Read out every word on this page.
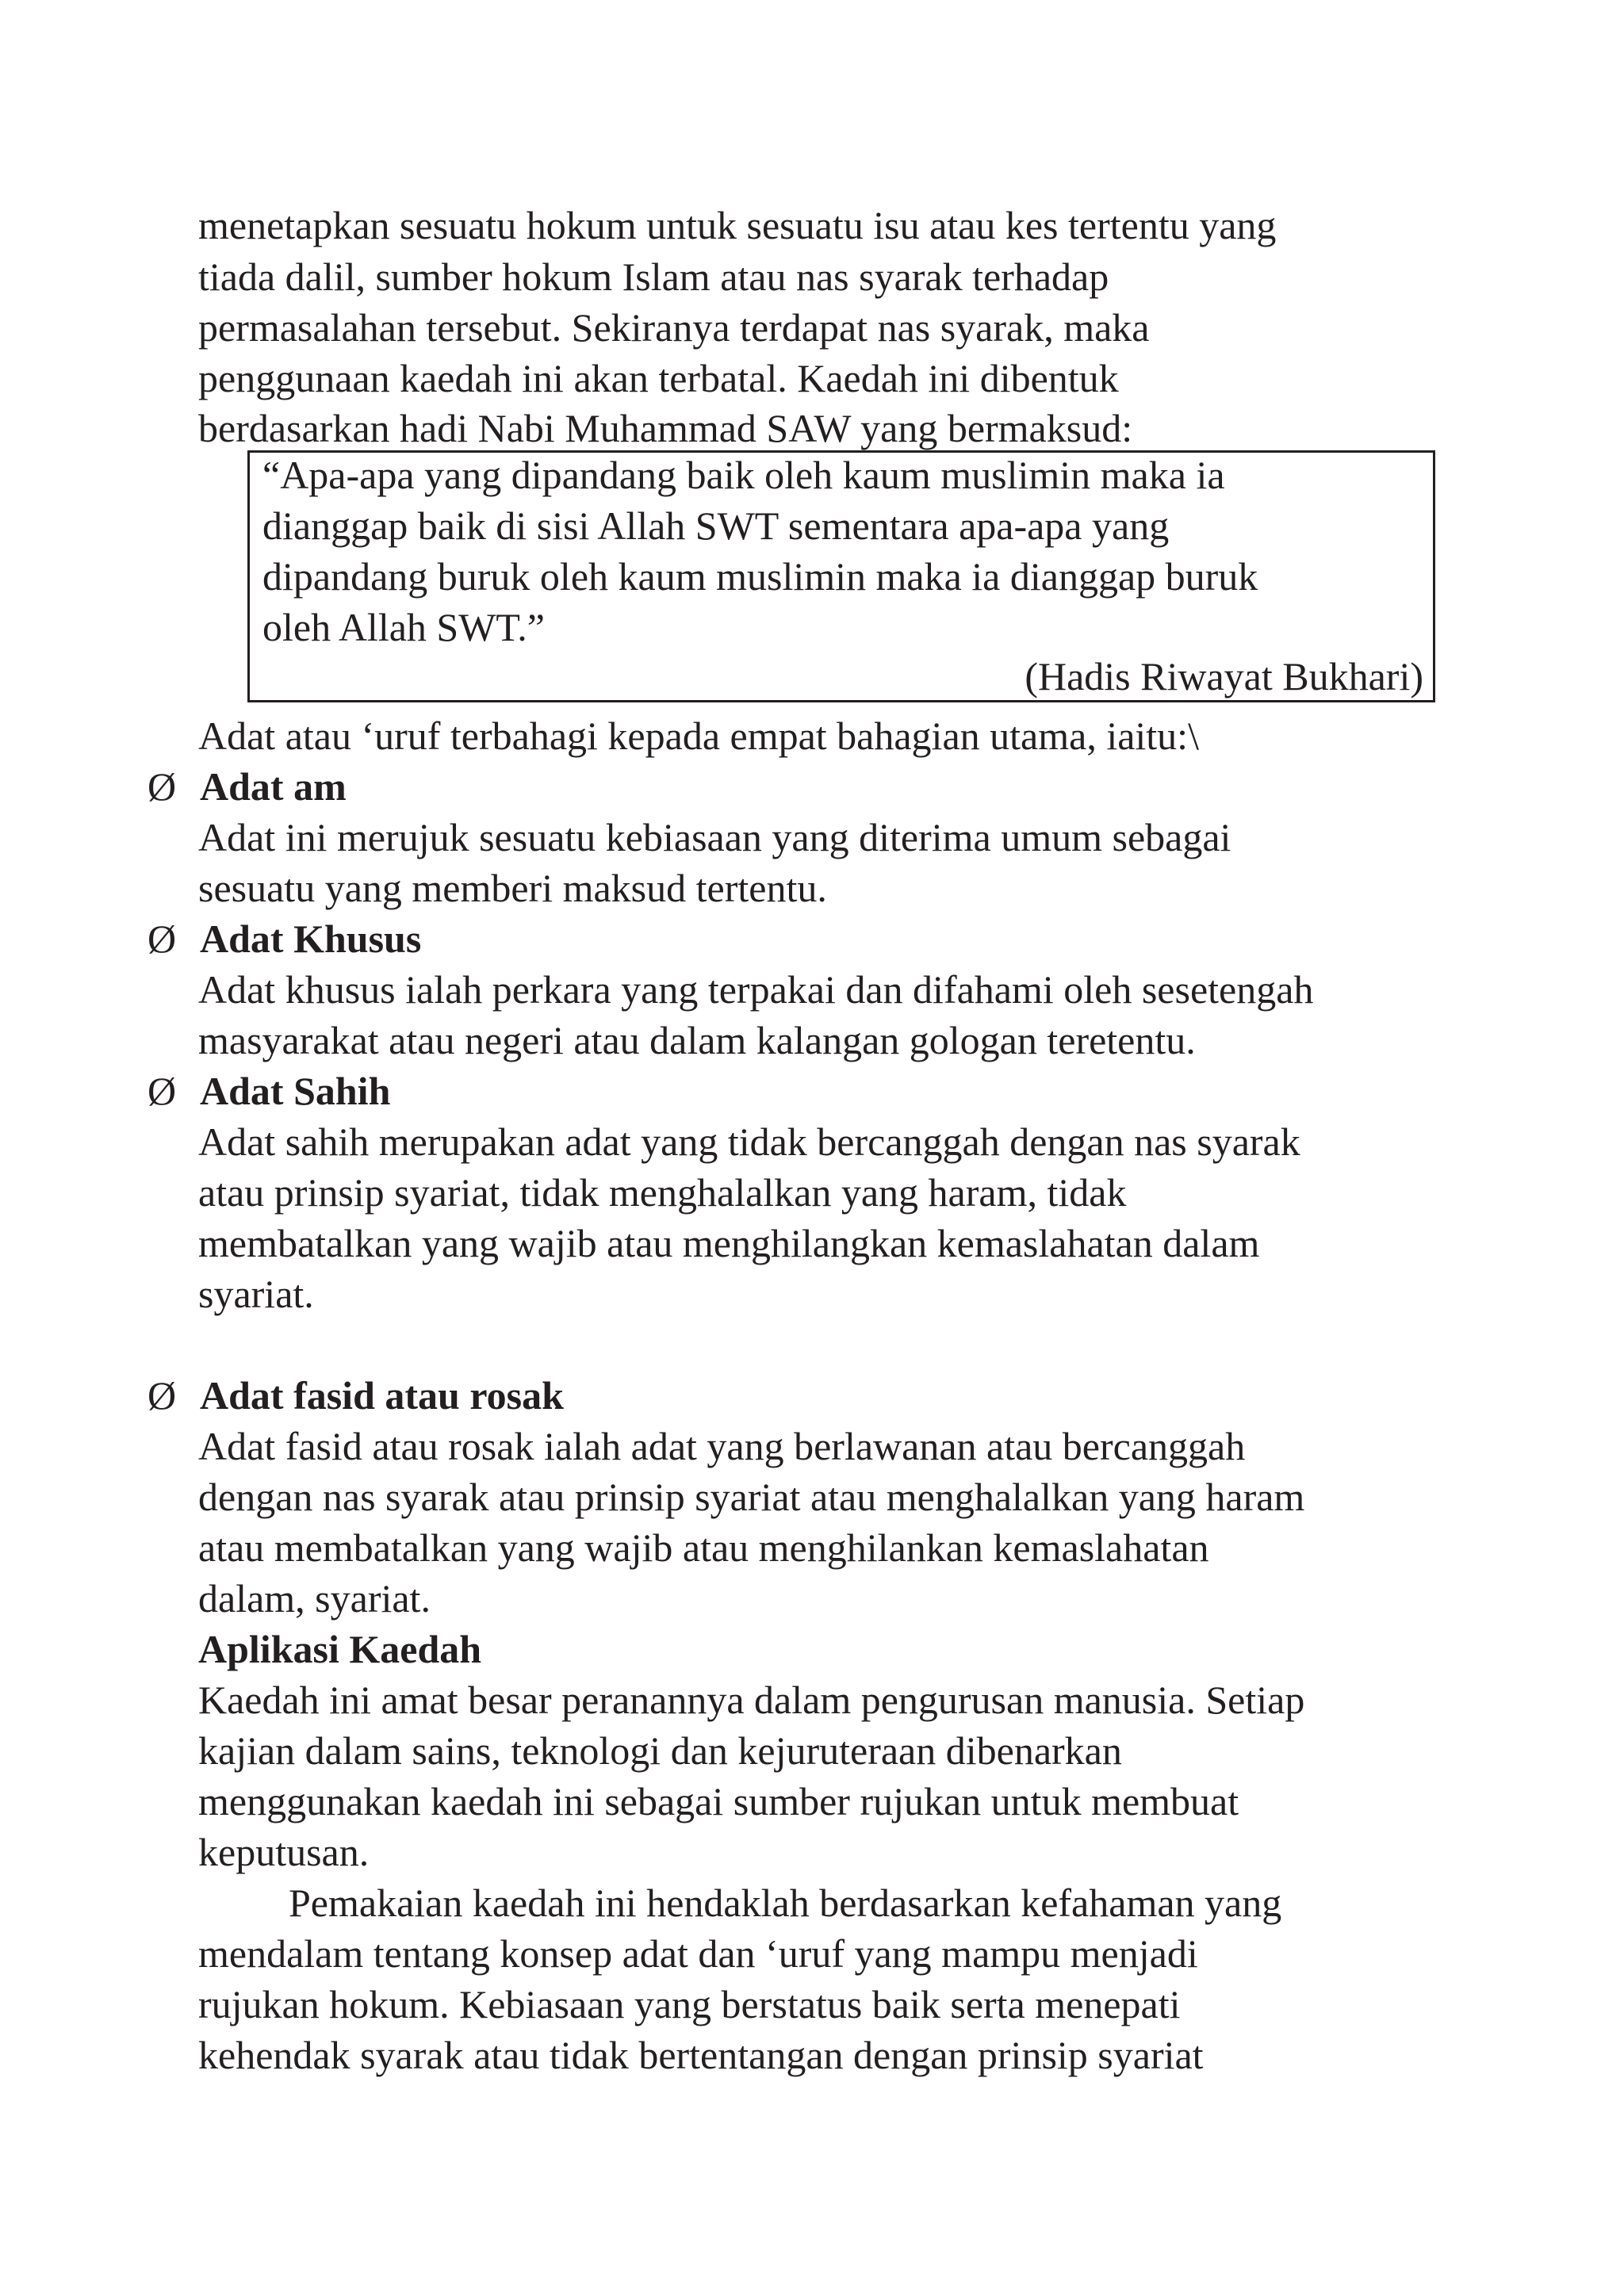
menetapkan sesuatu hokum untuk sesuatu isu atau kes tertentu yang

tiada dalil, sumber hokum Islam atau nas syarak terhadap

permasalahan tersebut. Sekiranya terdapat nas syarak, maka

penggunaan kaedah ini akan terbatal. Kaedah ini dibentuk

berdasarkan hadi Nabi Muhammad SAW yang bermaksud:

“Apa-apa yang dipandang baik oleh kaum muslimin maka ia

dianggap baik di sisi Allah SWT sementara apa-apa yang

dipandang buruk oleh kaum muslimin maka ia dianggap buruk

oleh Allah SWT.”

(Hadis Riwayat Bukhari)

Adat atau ‘uruf terbahagi kepada empat bahagian utama, iaitu:\

Ø Adat am

Adat ini merujuk sesuatu kebiasaan yang diterima umum sebagai

sesuatu yang memberi maksud tertentu.

Ø Adat Khusus

Adat khusus ialah perkara yang terpakai dan difahami oleh sesetengah

masyarakat atau negeri atau dalam kalangan gologan teretentu.

Ø Adat Sahih

Adat sahih merupakan adat yang tidak bercanggah dengan nas syarak

atau prinsip syariat, tidak menghalalkan yang haram, tidak

membatalkan yang wajib atau menghilangkan kemaslahatan dalam

syariat.

Ø Adat fasid atau rosak

Adat fasid atau rosak ialah adat yang berlawanan atau bercanggah

dengan nas syarak atau prinsip syariat atau menghalalkan yang haram

atau membatalkan yang wajib atau menghilankan kemaslahatan

dalam, syariat.

Aplikasi Kaedah

Kaedah ini amat besar peranannya dalam pengurusan manusia. Setiap

kajian dalam sains, teknologi dan kejuruteraan dibenarkan

menggunakan kaedah ini sebagai sumber rujukan untuk membuat

keputusan.

Pemakaian kaedah ini hendaklah berdasarkan kefahaman yang

mendalam tentang konsep adat dan ‘uruf yang mampu menjadi

rujukan hokum. Kebiasaan yang berstatus baik serta menepati

kehendak syarak atau tidak bertentangan dengan prinsip syariat
